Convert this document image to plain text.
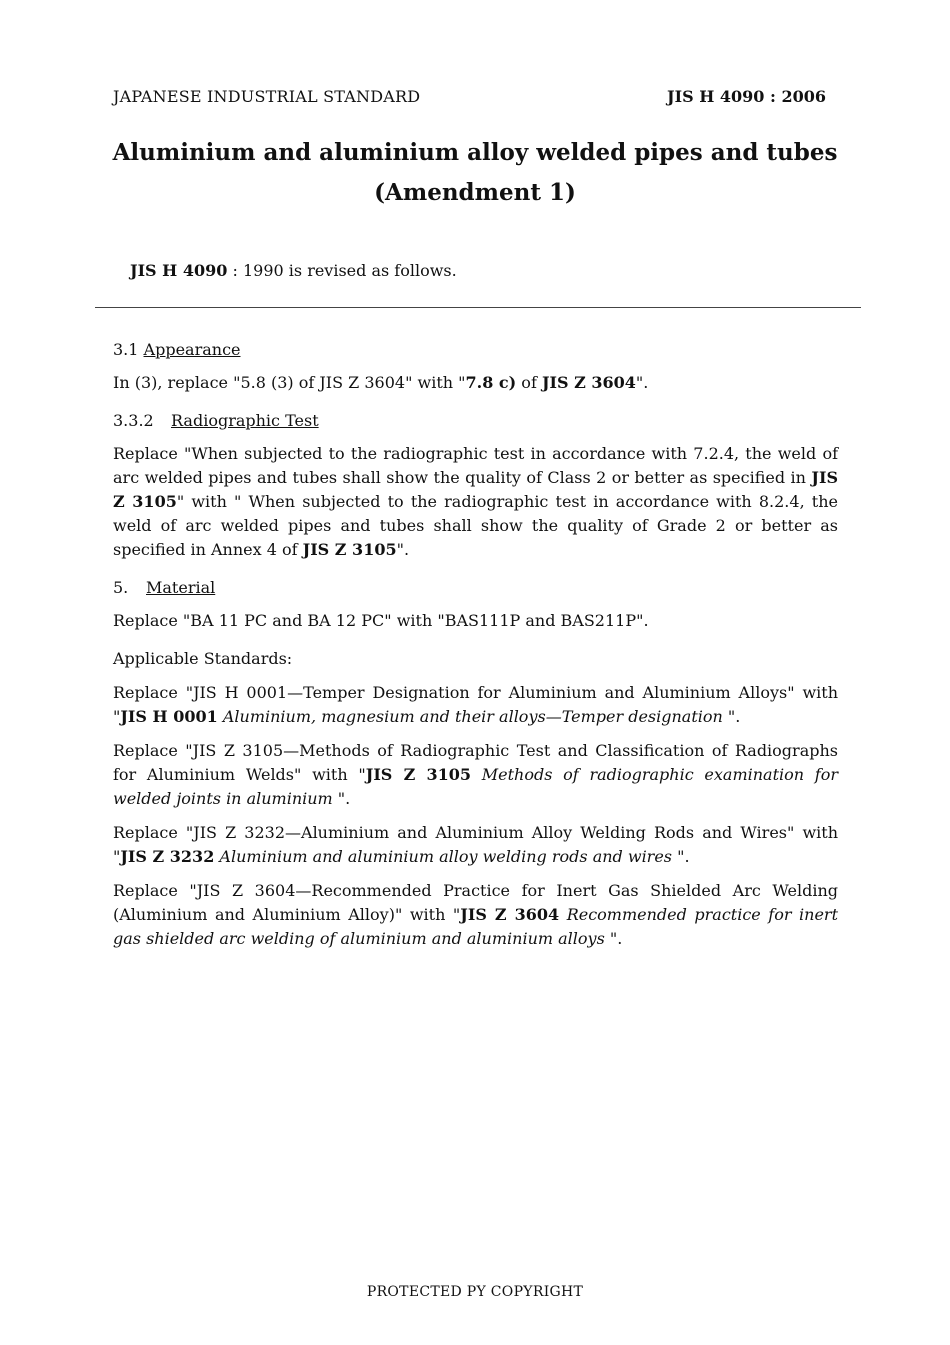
JAPANESE INDUSTRIAL STANDARD	JIS H 4090 : 2006
Aluminium and aluminium alloy welded pipes and tubes
(Amendment 1)
JIS H 4090 : 1990 is revised as follows.
3.1 Appearance

In (3), replace "5.8 (3) of JIS Z 3604" with "7.8 c) of JIS Z 3604".

3.3.2 Radiographic Test

Replace "When subjected to the radiographic test in accordance with 7.2.4, the weld of arc welded pipes and tubes shall show the quality of Class 2 or better as specified in JIS Z 3105" with " When subjected to the radiographic test in accordance with 8.2.4, the weld of arc welded pipes and tubes shall show the quality of Grade 2 or better as specified in Annex 4 of JIS Z 3105".

5. Material

Replace "BA 11 PC and BA 12 PC" with "BAS111P and BAS211P".

Applicable Standards:

Replace "JIS H 0001—Temper Designation for Aluminium and Aluminium Alloys" with "JIS H 0001 Aluminium, magnesium and their alloys—Temper designation ".

Replace "JIS Z 3105—Methods of Radiographic Test and Classification of Radiographs for Aluminium Welds" with "JIS Z 3105 Methods of radiographic examination for welded joints in aluminium ".

Replace "JIS Z 3232—Aluminium and Aluminium Alloy Welding Rods and Wires" with "JIS Z 3232 Aluminium and aluminium alloy welding rods and wires ".

Replace "JIS Z 3604—Recommended Practice for Inert Gas Shielded Arc Welding (Aluminium and Aluminium Alloy)" with "JIS Z 3604 Recommended practice for inert gas shielded arc welding of aluminium and aluminium alloys ".

PROTECTED PY COPYRIGHT
